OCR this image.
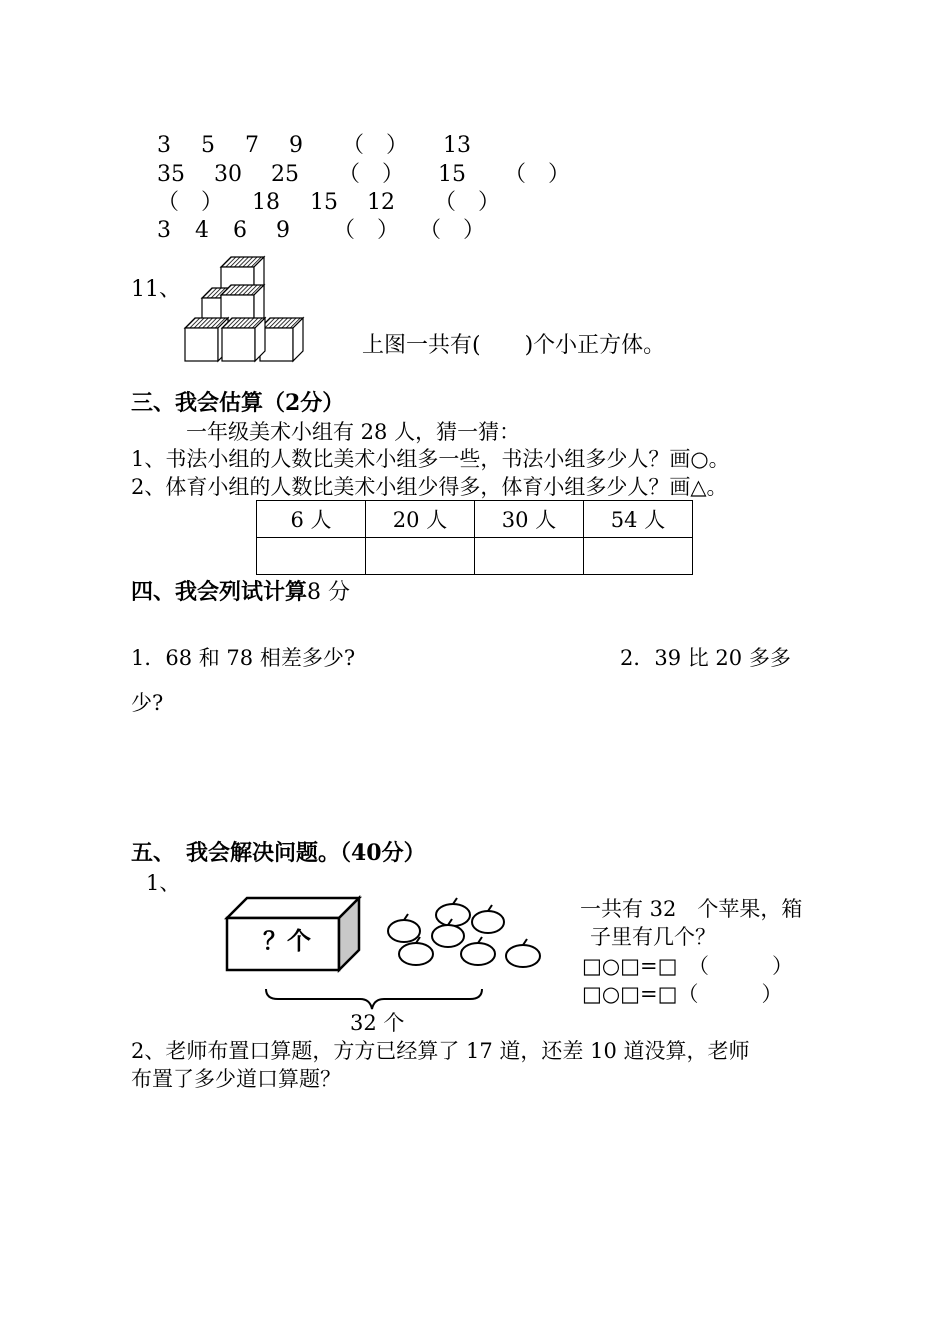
3 5 7 9 （　） 13
35 30 25 （　） 15 （　）
（　） 18 15 12 （　）
3 4 6 9 （　） （　）
11、
上图一共有(　　)个小正方体。
三、我会估算（2分）
一年级美术小组有 28 人，猜一猜：
1、书法小组的人数比美术小组多一些，书法小组多少人？画○。
2、体育小组的人数比美术小组少得多，体育小组多少人？画△。
6 人	20 人	30 人	54 人

四、我会列试计算8 分
1．68 和 78 相差多少?	2．39 比 20 多多
少?
五、　我会解决问题。（40分）
1、
？个
32 个
一共有 32　个苹果，箱
子里有几个？
□○□=□　（　　　）
□○□=□（　　　）
2、老师布置口算题，方方已经算了 17 道，还差 10 道没算，老师
布置了多少道口算题？
